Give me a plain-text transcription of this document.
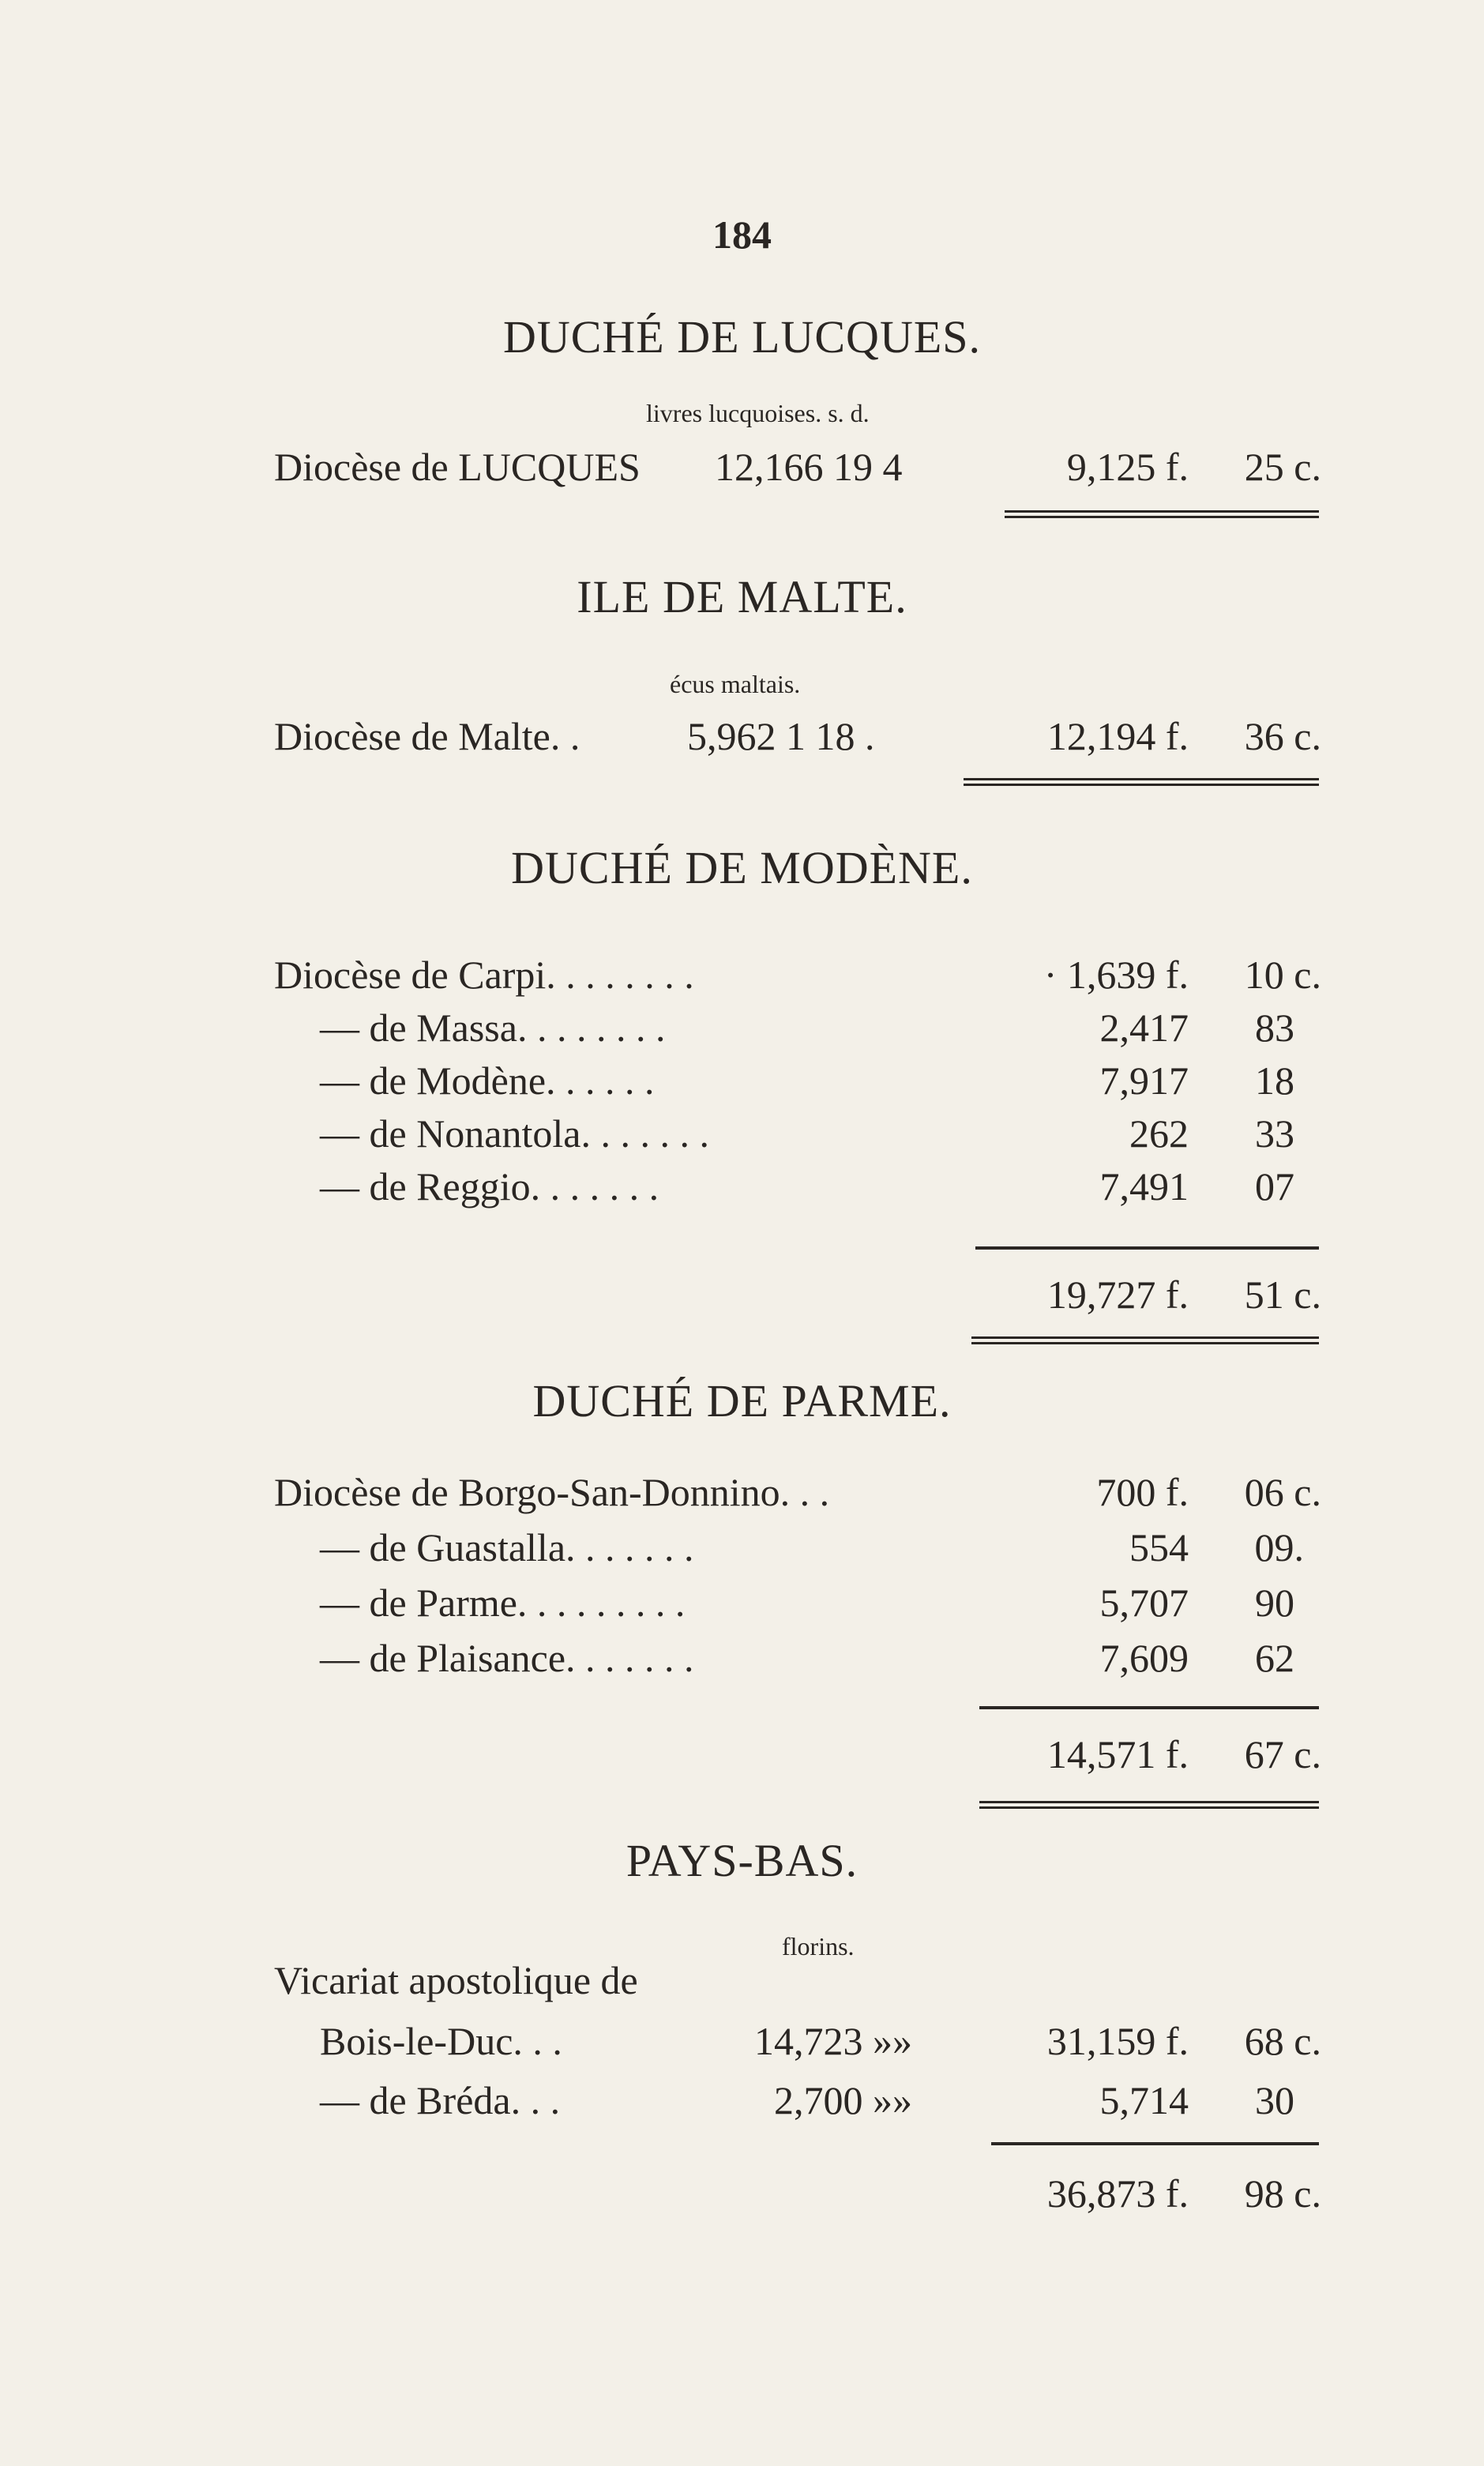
184
DUCHÉ DE LUCQUES.
livres lucquoises. s. d.
Diocèse de LUCQUES 12,166 19 4	9,125 f.	25 c.
ILE DE MALTE.
écus maltais.
Diocèse de Malte. .	5,962 1 18 .	12,194 f.	36 c.
DUCHÉ DE MODÈNE.
Diocèse de Carpi. . . . . . . .	· 1,639 f.	10 c.
— de Massa. . . . . . . .	2,417	83
— de Modène. . . . . .	7,917	18
— de Nonantola. . . . . . .	262	33
— de Reggio. . . . . . .	7,491	07
19,727 f.	51 c.
DUCHÉ DE PARME.
Diocèse de Borgo-San-Donnino. . .	700 f.	06 c.
— de Guastalla. . . . . . .	554	09.
— de Parme. . . . . . . . .	5,707	90
— de Plaisance. . . . . . .	7,609	62
14,571 f.	67 c.
PAYS-BAS.
florins.
Vicariat apostolique de
Bois-le-Duc. . .	14,723 »»	31,159 f.	68 c.
— de Bréda. . .	2,700 »»	5,714	30
36,873 f.	98 c.
